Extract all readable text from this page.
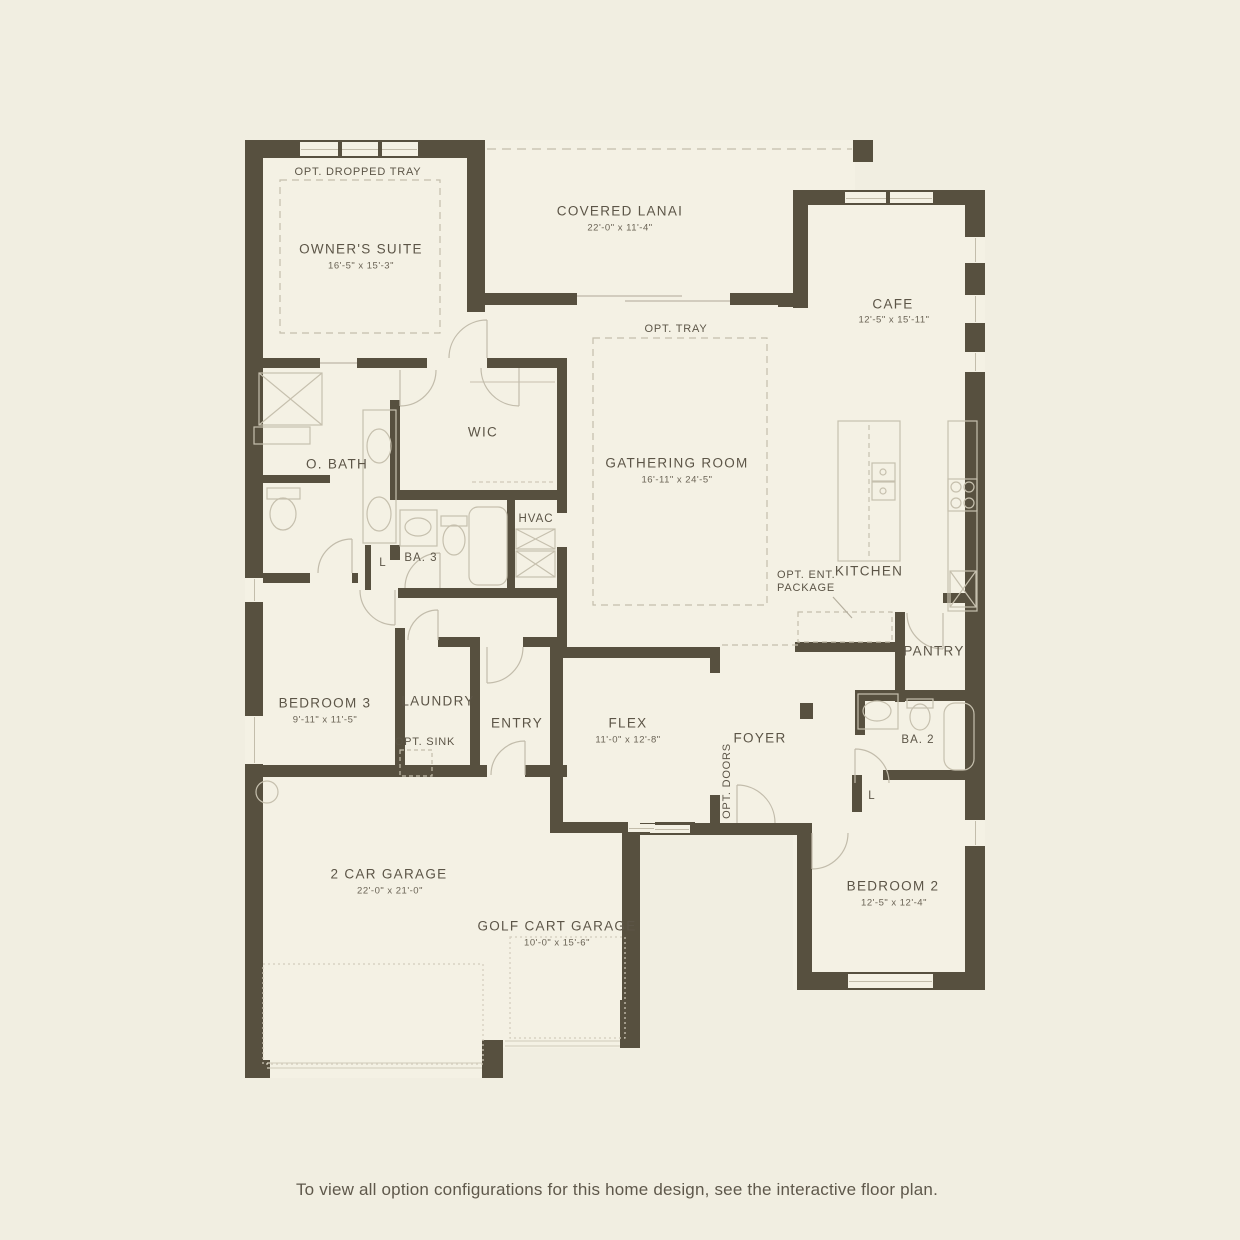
OPT. DROPPED TRAY
OWNER'S SUITE
16'-5" x 15'-3"
COVERED LANAI
22'-0" x 11'-4"
CAFE
12'-5" x 15'-11"
OPT. TRAY
GATHERING ROOM
16'-11" x 24'-5"
WIC
O. BATH
HVAC
BA. 3
L
KITCHEN
OPT. ENT.
PACKAGE
PANTRY
BEDROOM 3
9'-11" x 11'-5"
LAUNDRY
OPT. SINK
ENTRY	FLEX
11'-0" x 12'-8"	FOYER
OPT. DOORS
BA. 2
L
BEDROOM 2
12'-5" x 12'-4"
2 CAR GARAGE
22'-0" x 21'-0"
GOLF CART GARAGE
10'-0" x 15'-6"
To view all option configurations for this home design, see the interactive floor plan.
